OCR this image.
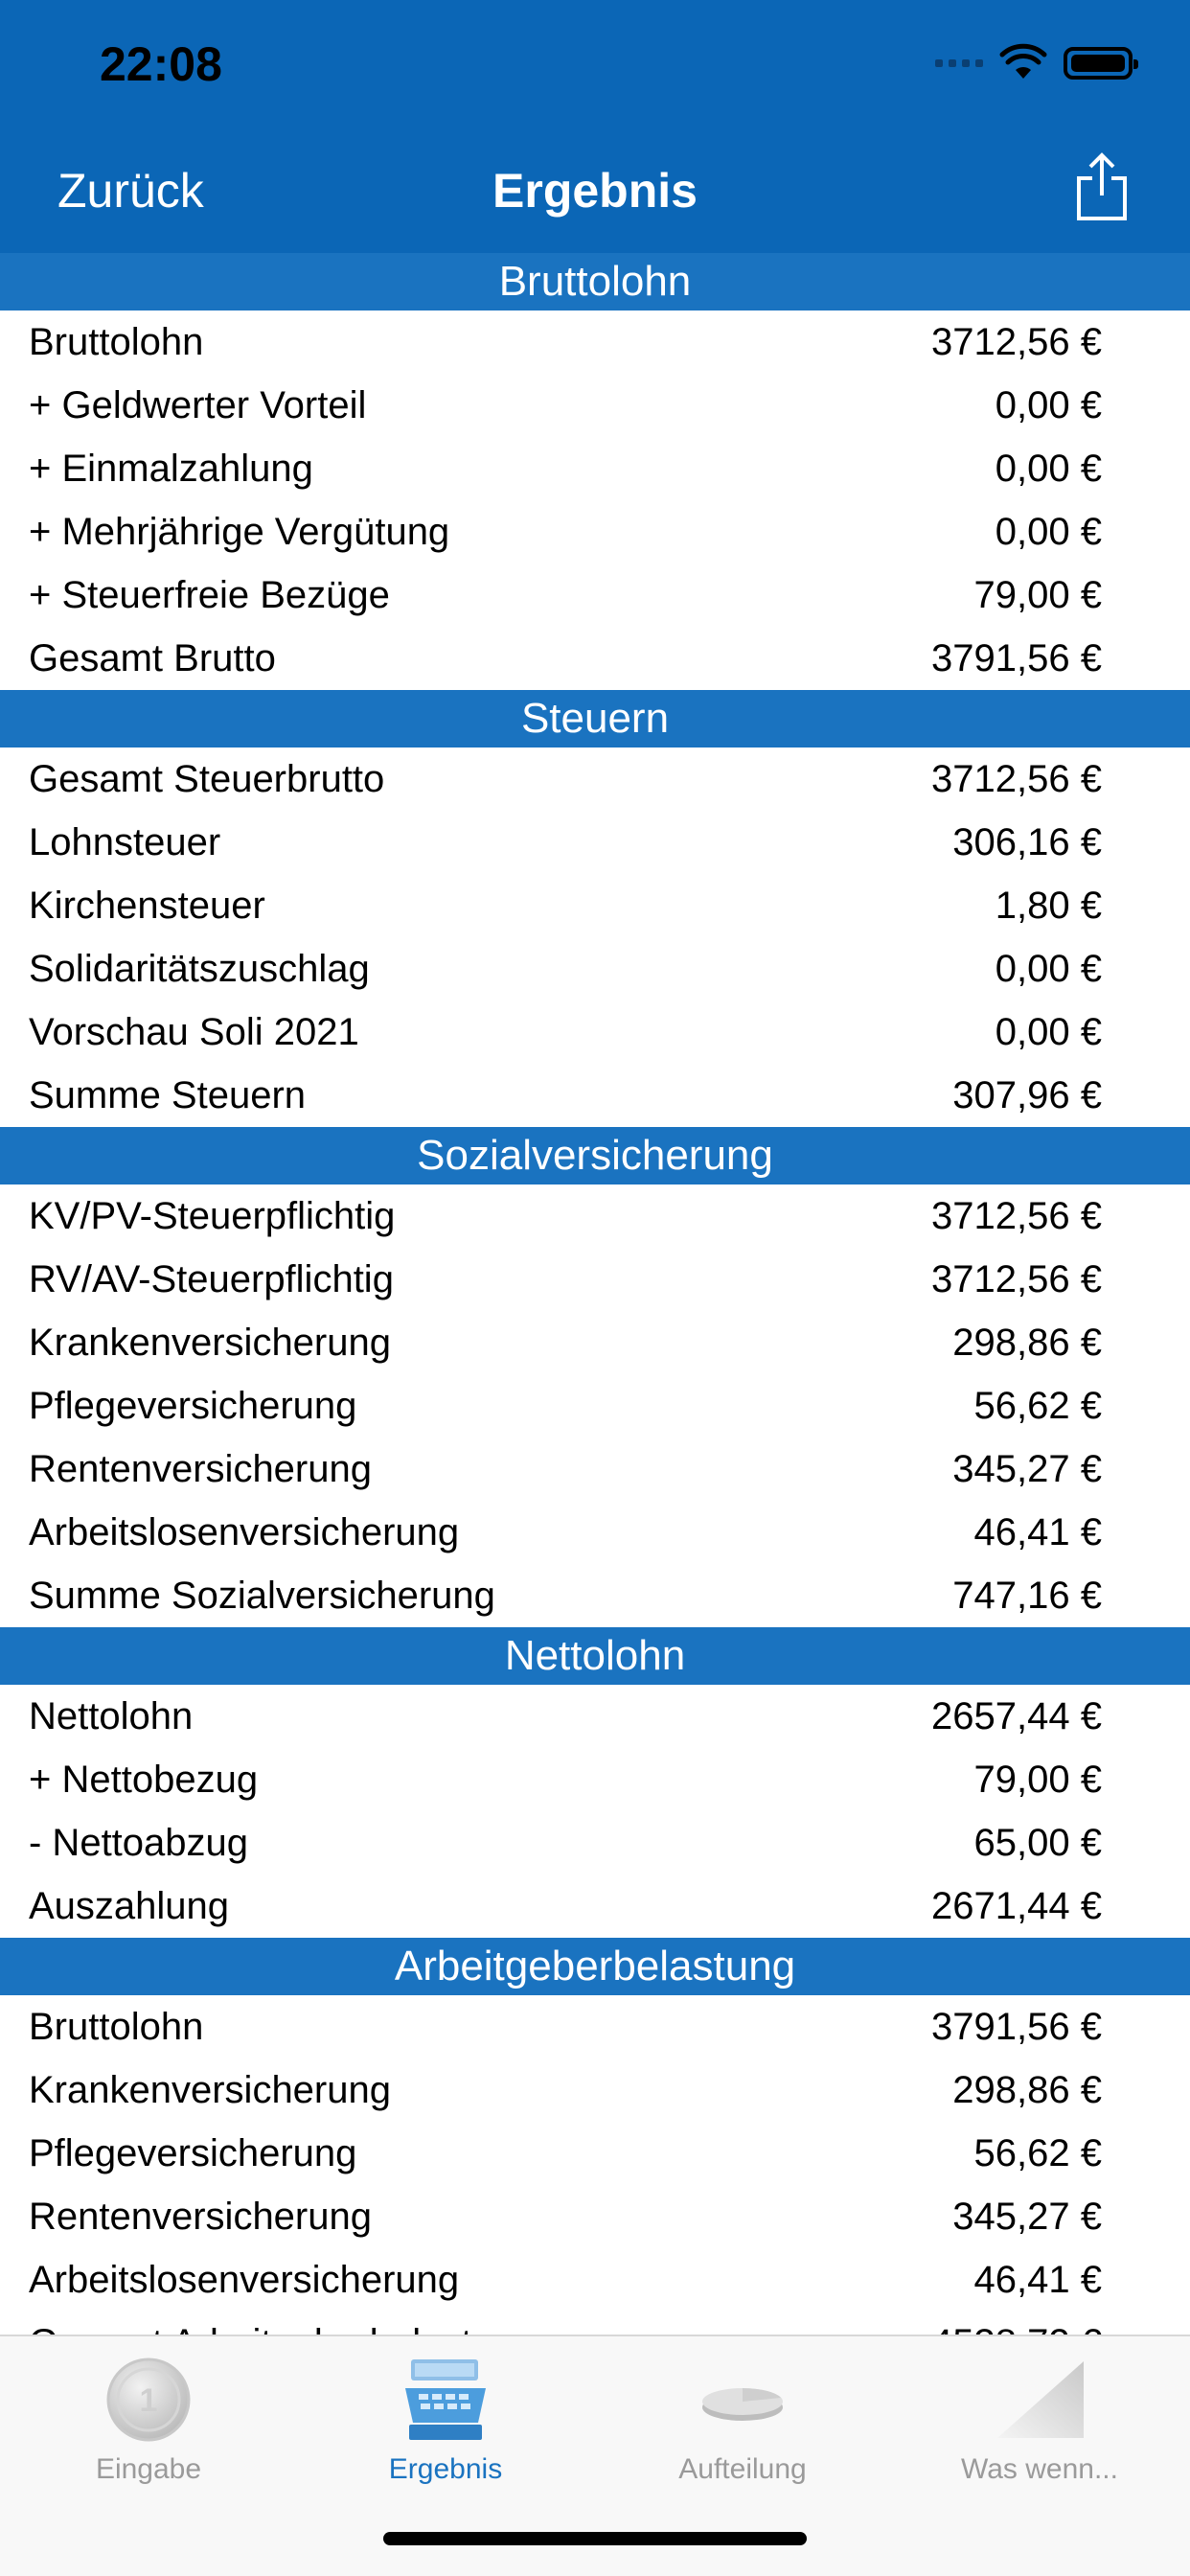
22:08
Zurück	Ergebnis
Bruttolohn
Bruttolohn	3712,56 €
+ Geldwerter Vorteil	0,00 €
+ Einmalzahlung	0,00 €
+ Mehrjährige Vergütung	0,00 €
+ Steuerfreie Bezüge	79,00 €
Gesamt Brutto	3791,56 €
Steuern
Gesamt Steuerbrutto	3712,56 €
Lohnsteuer	306,16 €
Kirchensteuer	1,80 €
Solidaritätszuschlag	0,00 €
Vorschau Soli 2021	0,00 €
Summe Steuern	307,96 €
Sozialversicherung
KV/PV-Steuerpflichtig	3712,56 €
RV/AV-Steuerpflichtig	3712,56 €
Krankenversicherung	298,86 €
Pflegeversicherung	56,62 €
Rentenversicherung	345,27 €
Arbeitslosenversicherung	46,41 €
Summe Sozialversicherung	747,16 €
Nettolohn
Nettolohn	2657,44 €
+ Nettobezug	79,00 €
- Nettoabzug	65,00 €
Auszahlung	2671,44 €
Arbeitgeberbelastung
Bruttolohn	3791,56 €
Krankenversicherung	298,86 €
Pflegeversicherung	56,62 €
Rentenversicherung	345,27 €
Arbeitslosenversicherung	46,41 €
1
Eingabe	Ergebnis	Aufteilung	Was wenn...
